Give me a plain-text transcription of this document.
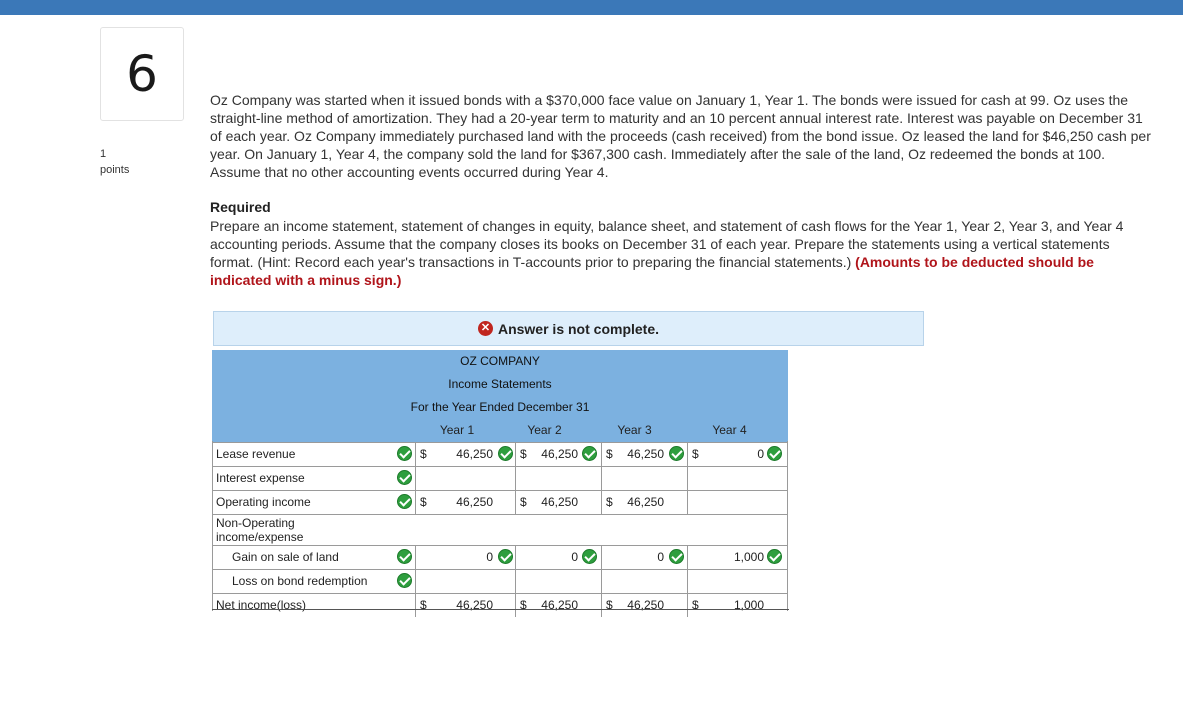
6
1
points
Oz Company was started when it issued bonds with a $370,000 face value on January 1, Year 1. The bonds were issued for cash at 99. Oz uses the straight-line method of amortization. They had a 20-year term to maturity and an 10 percent annual interest rate. Interest was payable on December 31 of each year. Oz Company immediately purchased land with the proceeds (cash received) from the bond issue. Oz leased the land for $46,250 cash per year. On January 1, Year 4, the company sold the land for $367,300 cash. Immediately after the sale of the land, Oz redeemed the bonds at 100. Assume that no other accounting events occurred during Year 4.
Required
Prepare an income statement, statement of changes in equity, balance sheet, and statement of cash flows for the Year 1, Year 2, Year 3, and Year 4 accounting periods. Assume that the company closes its books on December 31 of each year. Prepare the statements using a vertical statements format. (Hint: Record each year's transactions in T-accounts prior to preparing the financial statements.) (Amounts to be deducted should be indicated with a minus sign.)
✕ Answer is not complete.
OZ COMPANY
Income Statements
For the Year Ended December 31
Year 1	Year 2	Year 3	Year 4
Lease revenue	$	46,250 $	46,250 $	46,250 $	0
Interest expense
Operating income	$	46,250 $	46,250 $	46,250
Non-Operating income/expense
Gain on sale of land	0	0	0	1,000
Loss on bond redemption
Net income(loss)	$	46,250 $	46,250 $	46,250 $	1,000
